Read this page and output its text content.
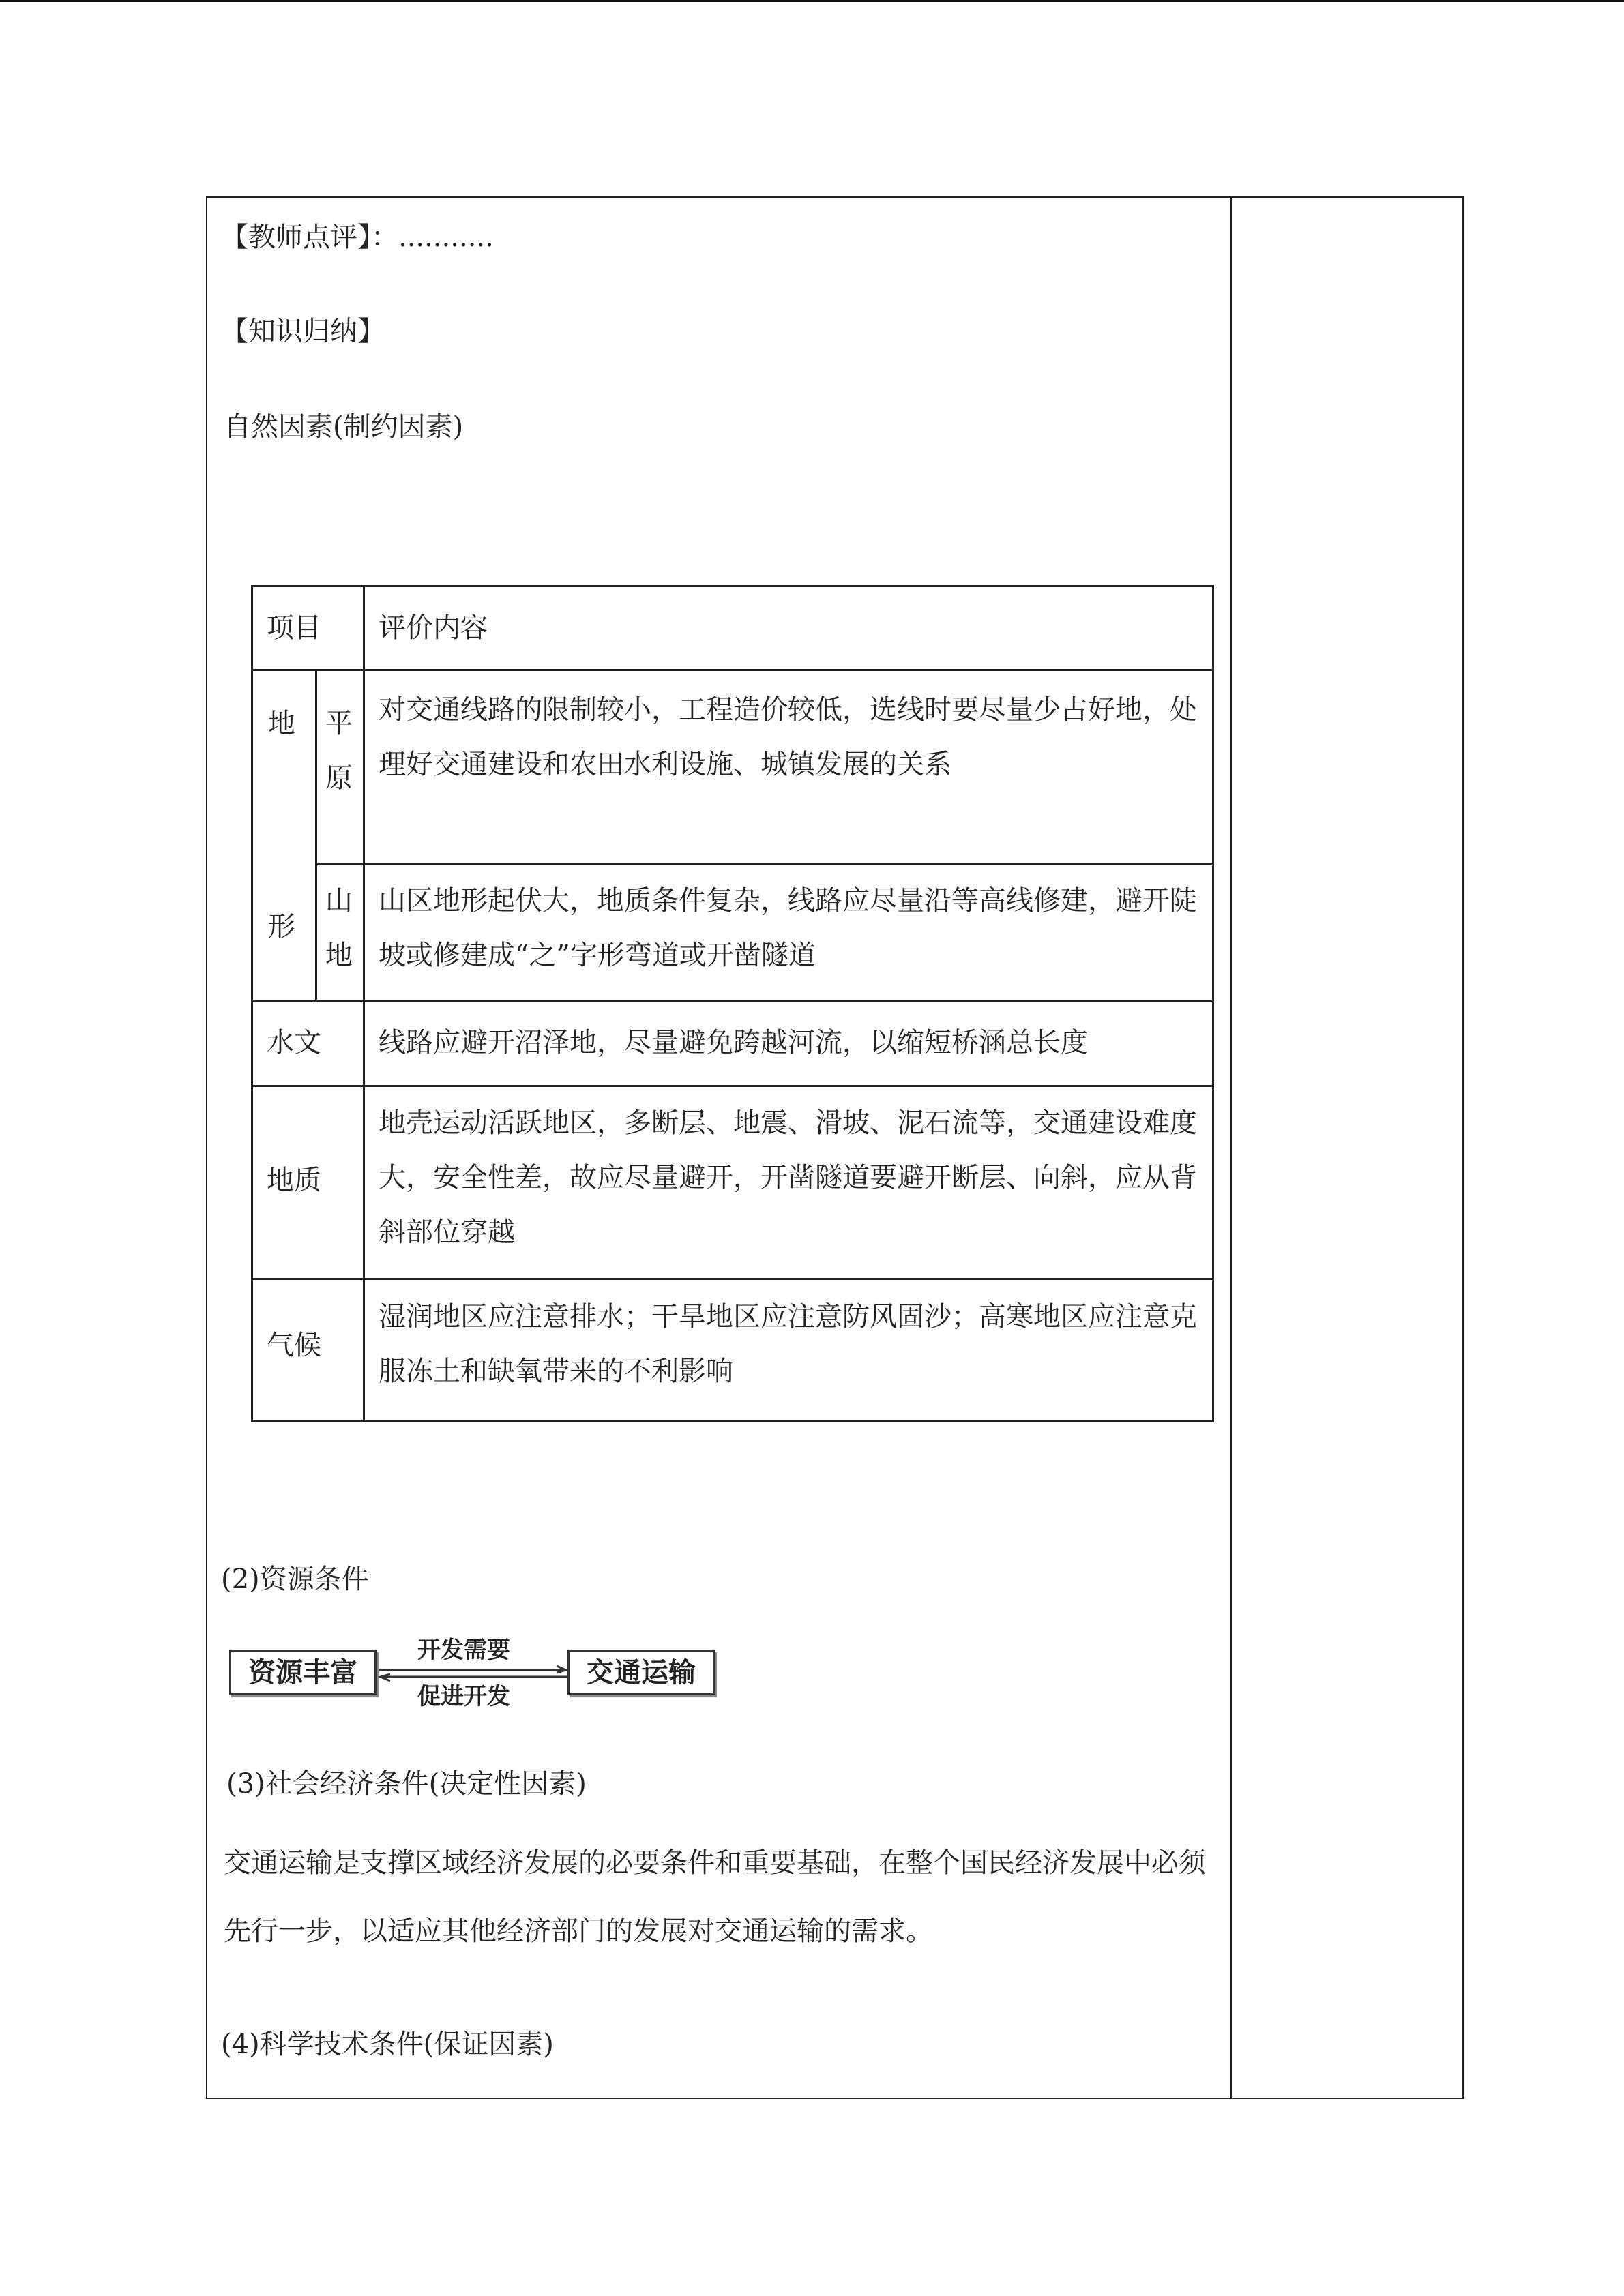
【教师点评】：...........
【知识归纳】
自然因素(制约因素)
项目 评价内容
地
形
平
原
对交通线路的限制较小，工程造价较低，选线时要尽量少占好地，处理好交通建设和农田水利设施、城镇发展的关系
山
地
山区地形起伏大，地质条件复杂，线路应尽量沿等高线修建，避开陡坡或修建成“之”字形弯道或开凿隧道
水文 线路应避开沼泽地，尽量避免跨越河流，以缩短桥涵总长度
地质
地壳运动活跃地区，多断层、地震、滑坡、泥石流等，交通建设难度大，安全性差，故应尽量避开，开凿隧道要避开断层、向斜，应从背斜部位穿越
气候
湿润地区应注意排水；干旱地区应注意防风固沙；高寒地区应注意克服冻土和缺氧带来的不利影响
(2)资源条件
资源丰富	交通运输
开发需要
促进开发
(3)社会经济条件(决定性因素)
交通运输是支撑区域经济发展的必要条件和重要基础，在整个国民经济发展中必须先行一步，以适应其他经济部门的发展对交通运输的需求。
(4)科学技术条件(保证因素)
